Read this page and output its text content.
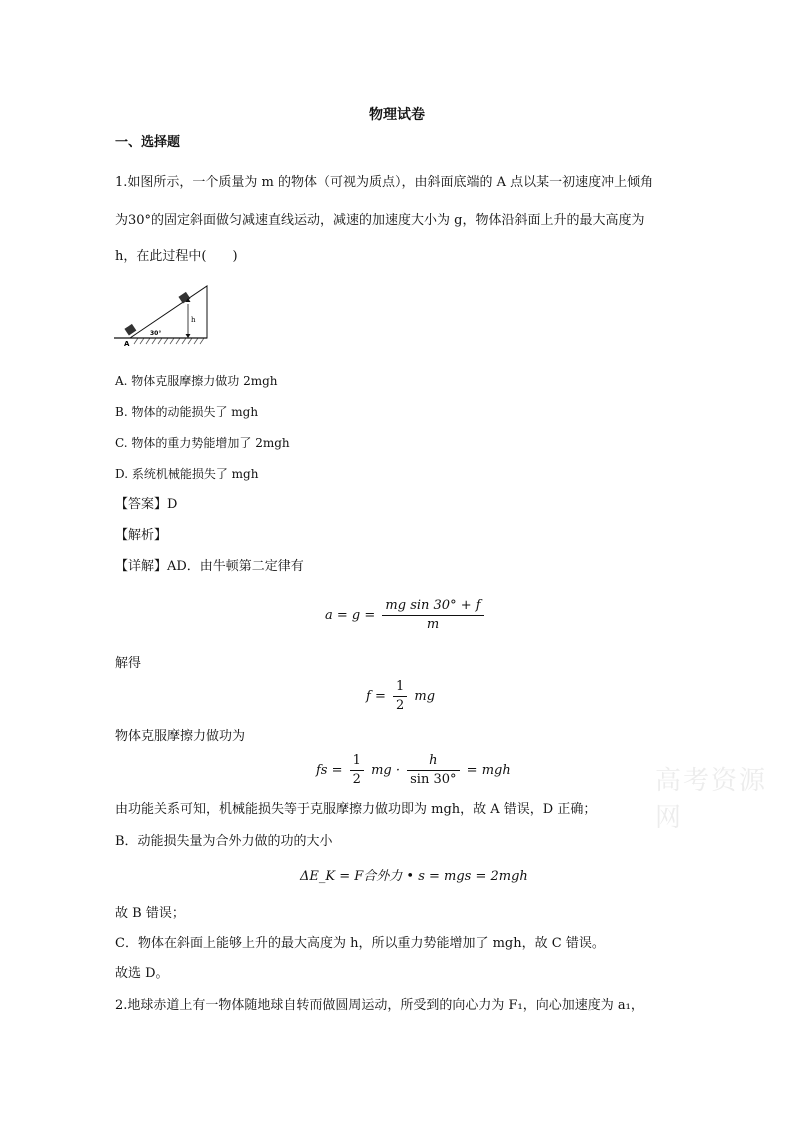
物理试卷
一、选择题
1.如图所示，一个质量为 m 的物体（可视为质点），由斜面底端的 A 点以某一初速度冲上倾角
为30°的固定斜面做匀减速直线运动，减速的加速度大小为 g，物体沿斜面上升的最大高度为
h，在此过程中(　　)
h
30°
A
A. 物体克服摩擦力做功 2mgh
B. 物体的动能损失了 mgh
C. 物体的重力势能增加了 2mgh
D. 系统机械能损失了 mgh
【答案】D
【解析】
【详解】AD．由牛顿第二定律有
$a = g = \frac{\text{mg sin 30° + f}}{m}$
解得
$f = \frac{1}{2}$ mg
物体克服摩擦力做功为
fs = $\frac{1}{2}$ mg · $\frac{h}{\sin 30^\circ}$ = mgh
由功能关系可知，机械能损失等于克服摩擦力做功即为 mgh，故 A 错误，D 正确；
B．动能损失量为合外力做的功的大小
ΔE_K = F合外力 • s = mgs = 2mgh
故 B 错误；
C．物体在斜面上能够上升的最大高度为 h，所以重力势能增加了 mgh，故 C 错误。
故选 D。
2.地球赤道上有一物体随地球自转而做圆周运动，所受到的向心力为 F₁，向心加速度为 a₁，
高考资源网
